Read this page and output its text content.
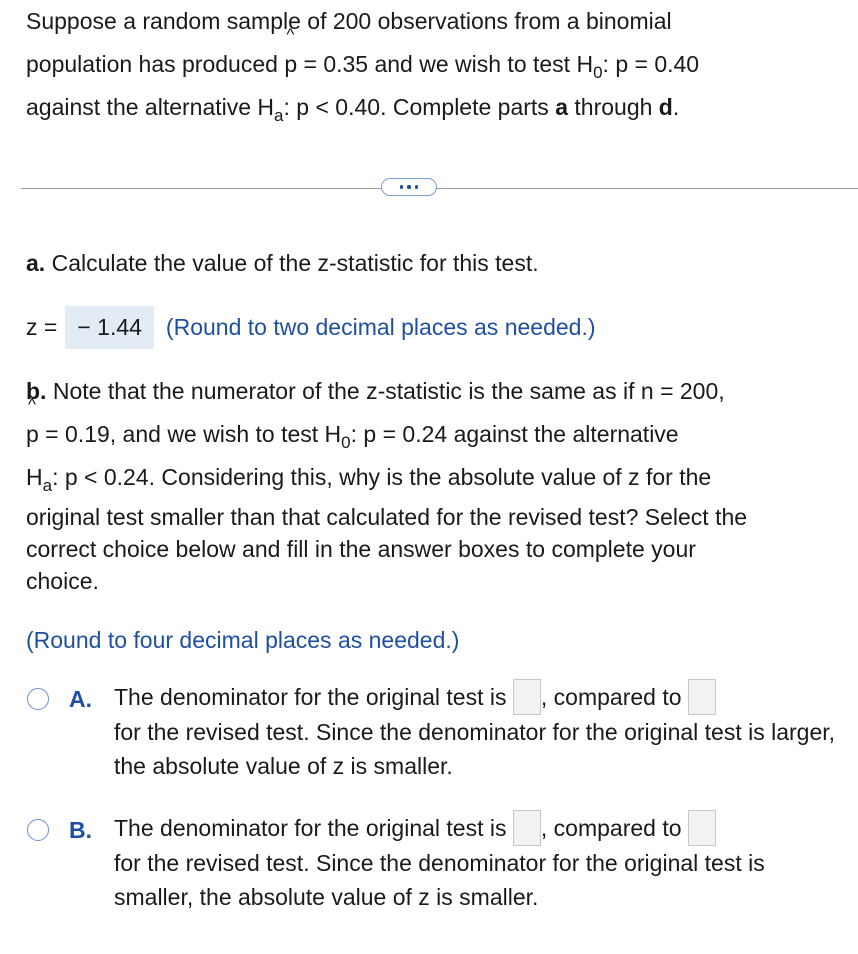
Suppose a random sample of 200 observations from a binomial
population has produced ^ p = 0.35 and we wish to test $H_0$: p = 0.40
against the alternative $H_a$: p < 0.40. Complete parts a through d.
a. Calculate the value of the z-statistic for this test.
z = − 1.44	(Round to two decimal places as needed.)
b. Note that the numerator of the z-statistic is the same as if n = 200,
^ p = 0.19, and we wish to test $H_0$: p = 0.24 against the alternative
$H_a$: p < 0.24. Considering this, why is the absolute value of z for the
original test smaller than that calculated for the revised test? Select the
correct choice below and fill in the answer boxes to complete your
choice.
(Round to four decimal places as needed.)
A. The denominator for the original test is , compared to
for the revised test. Since the denominator for the original test is larger, the absolute value of z is smaller.
B. The denominator for the original test is , compared to
for the revised test. Since the denominator for the original test is smaller, the absolute value of z is smaller.
